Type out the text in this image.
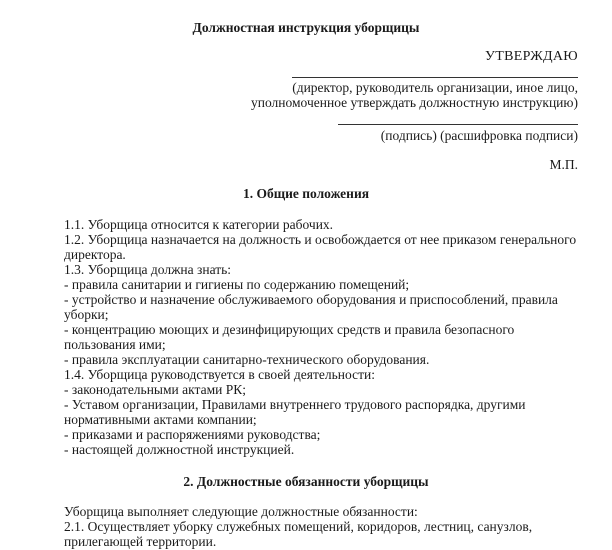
Должностная инструкция уборщицы
УТВЕРЖДАЮ
(директор, руководитель организации, иное лицо,
уполномоченное утверждать должностную инструкцию)
(подпись) (расшифровка подписи)
М.П.
1. Общие положения
1.1. Уборщица относится к категории рабочих.
1.2. Уборщица назначается на должность и освобождается от нее приказом генерального
директора.
1.3. Уборщица должна знать:
- правила санитарии и гигиены по содержанию помещений;
- устройство и назначение обслуживаемого оборудования и приспособлений, правила
уборки;
- концентрацию моющих и дезинфицирующих средств и правила безопасного
пользования ими;
- правила эксплуатации санитарно-технического оборудования.
1.4. Уборщица руководствуется в своей деятельности:
- законодательными актами РК;
- Уставом организации, Правилами внутреннего трудового распорядка, другими
нормативными актами компании;
- приказами и распоряжениями руководства;
- настоящей должностной инструкцией.
2. Должностные обязанности уборщицы
Уборщица выполняет следующие должностные обязанности:
2.1. Осуществляет уборку служебных помещений, коридоров, лестниц, санузлов,
прилегающей территории.
